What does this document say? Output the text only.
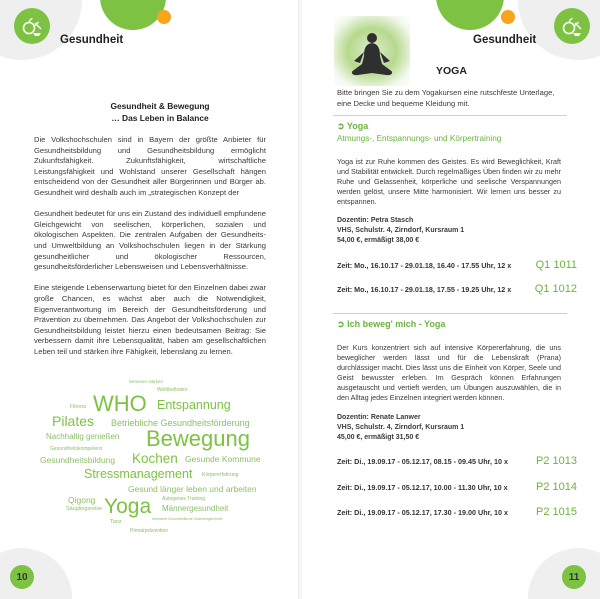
Gesundheit
Gesundheit & Bewegung
… Das Leben in Balance

Die Volkshochschulen sind in Bayern der größte Anbieter für Gesundheitsbildung und Gesundheitsbildung ermöglicht Zukunftsfähigkeit. Zukunftsfähigkeit, wirtschaftliche Leistungsfähigkeit und Wohlstand unserer Gesellschaft hängen entscheidend von der Gesundheit aller Bürgerinnen und Bürger ab. Gesundheit wird deshalb auch im „strategischen Konzept der

Gesundheit bedeutet für uns ein Zustand des individuell empfundene Gleichgewicht von seelischen, körperlichen, sozialen und ökologischen Aspekten. Die zentralen Aufgaben der Gesundheits- und Umweltbildung an Volkshochschulen liegen in der Stärkung gesundheitlicher und ökologischer Ressourcen, gesundheitsförderlicher Lebensweisen und Lebensverhältnisse.

Eine steigende Lebenserwartung bietet für den Einzelnen dabei zwar große Chancen, es wächst aber auch die Notwendigkeit, Eigenverantwortung im Bereich der Gesundheitsförderung und Prävention zu übernehmen. Das Angebot der Volkshochschulen zur Gesundheitsbildung leistet hierzu einen bedeutsamen Beitrag: Sie verbessern damit ihre Lebensqualität, haben am gesellschaftlichen Leben teil und stärken ihre Fähigkeit, lebenslang zu lernen.

Senioren stärken
Wohlbefinden
WHO Entspannung
Fitness
Pilates Betriebliche Gesundheitsförderung
Nachhaltig genießen Bewegung
Gesundheitskompetenz
Gesundheitsbildung Kochen Gesunde Kommune
Stressmanagement Körpererfahrung
Gesund länger leben und arbeiten
Qigong	Autogenes Training
Yoga Männergesundheit
Säuglingsreise
Netzwerk Gesundheitliche Chancengleichheit
Tanz
Primärprävention
10
Gesundheit
YOGA
Bitte bringen Sie zu dem Yogakursen eine rutschfeste Unterlage, eine Decke und bequeme Kleidung mit.
➲ Yoga
Atmungs-, Entspannungs- und Körpertraining
Yoga ist zur Ruhe kommen des Geistes. Es wird Beweglichkeit, Kraft und Stabilität entwickelt. Durch regelmäßiges Üben finden wir zu mehr Ruhe und Gelassenheit, körperliche und seelische Verspannungen werden gelöst, unsere Mitte harmonisiert. Wir lernen uns besser zu entspannen.
Dozentin: Petra Stasch
VHS, Schulstr. 4, Zirndorf, Kursraum 1
54,00 €, ermäßigt 38,00 €
➲ Ich beweg' mich - Yoga
Der Kurs konzentriert sich auf intensive Körpererfahrung, die uns beweglicher werden lässt und für die Lebenskraft (Prana) durchlässiger macht. Dies lässt uns die Einheit von Körper, Seele und Geist bewusster erleben. Im Gespräch können Erfahrungen ausgetauscht und vertieft werden, um Übungen auszuwählen, die in den Alltag jedes Einzelnen integriert werden können.
Dozentin: Renate Lanwer
VHS, Schulstr. 4, Zirndorf, Kursraum 1
45,00 €, ermäßigt 31,50 €
11
Zeit: Mo., 16.10.17 - 29.01.18, 16.40 - 17.55 Uhr, 12 x Q1 1011
Zeit: Mo., 16.10.17 - 29.01.18, 17.55 - 19.25 Uhr, 12 x Q1 1012
Zeit: Di., 19.09.17 - 05.12.17, 08.15 - 09.45 Uhr, 10 x	P2 1013
Zeit: Di., 19.09.17 - 05.12.17, 10.00 - 11.30 Uhr, 10 x	P2 1014
Zeit: Di., 19.09.17 - 05.12.17, 17.30 - 19.00 Uhr, 10 x	P2 1015
